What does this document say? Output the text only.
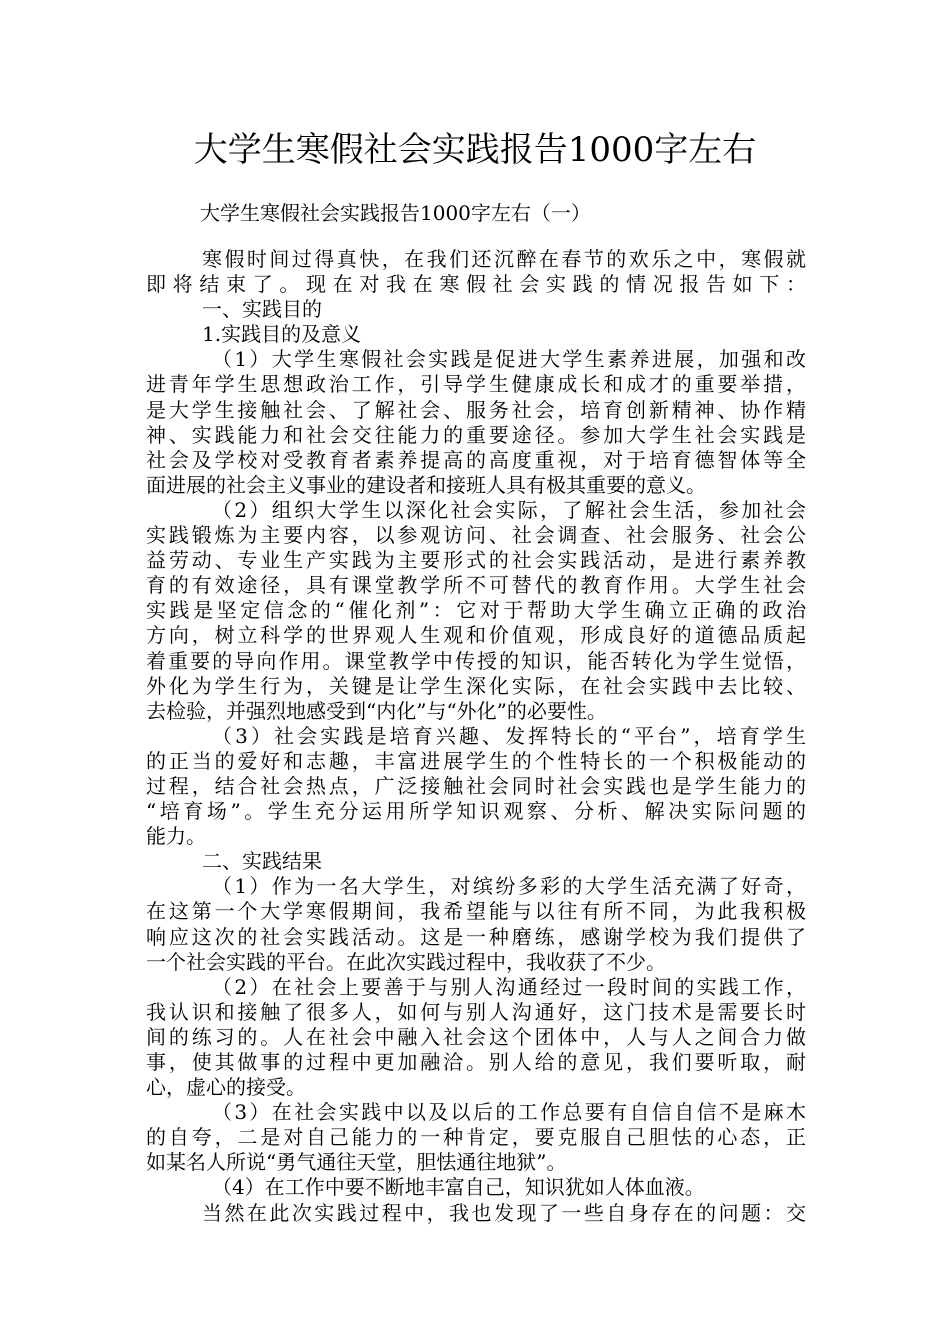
大学生寒假社会实践报告1000字左右

大学生寒假社会实践报告1000字左右（一）

寒假时间过得真快，在我们还沉醉在春节的欢乐之中，寒假就
即将结束了。现在对我在寒假社会实践的情况报告如下：
一、实践目的
1.实践目的及意义
（1）大学生寒假社会实践是促进大学生素养进展，加强和改
进青年学生思想政治工作，引导学生健康成长和成才的重要举措，
是大学生接触社会、了解社会、服务社会，培育创新精神、协作精
神、实践能力和社会交往能力的重要途径。参加大学生社会实践是
社会及学校对受教育者素养提高的高度重视，对于培育德智体等全
面进展的社会主义事业的建设者和接班人具有极其重要的意义。
（2）组织大学生以深化社会实际，了解社会生活，参加社会
实践锻炼为主要内容，以参观访问、社会调查、社会服务、社会公
益劳动、专业生产实践为主要形式的社会实践活动，是进行素养教
育的有效途径，具有课堂教学所不可替代的教育作用。大学生社会
实践是坚定信念的“催化剂”：它对于帮助大学生确立正确的政治
方向，树立科学的世界观人生观和价值观，形成良好的道德品质起
着重要的导向作用。课堂教学中传授的知识，能否转化为学生觉悟，
外化为学生行为，关键是让学生深化实际，在社会实践中去比较、
去检验，并强烈地感受到“内化”与“外化”的必要性。
（3）社会实践是培育兴趣、发挥特长的“平台”，培育学生
的正当的爱好和志趣，丰富进展学生的个性特长的一个积极能动的
过程，结合社会热点，广泛接触社会同时社会实践也是学生能力的
“培育场”。学生充分运用所学知识观察、分析、解决实际问题的
能力。
二、实践结果
（1）作为一名大学生，对缤纷多彩的大学生活充满了好奇，
在这第一个大学寒假期间，我希望能与以往有所不同，为此我积极
响应这次的社会实践活动。这是一种磨练，感谢学校为我们提供了
一个社会实践的平台。在此次实践过程中，我收获了不少。
（2）在社会上要善于与别人沟通经过一段时间的实践工作，
我认识和接触了很多人，如何与别人沟通好，这门技术是需要长时
间的练习的。人在社会中融入社会这个团体中，人与人之间合力做
事，使其做事的过程中更加融洽。别人给的意见，我们要听取，耐
心，虚心的接受。
（3）在社会实践中以及以后的工作总要有自信自信不是麻木
的自夸，二是对自己能力的一种肯定，要克服自己胆怯的心态，正
如某名人所说“勇气通往天堂，胆怯通往地狱”。
（4）在工作中要不断地丰富自己，知识犹如人体血液。
当然在此次实践过程中，我也发现了一些自身存在的问题：交
